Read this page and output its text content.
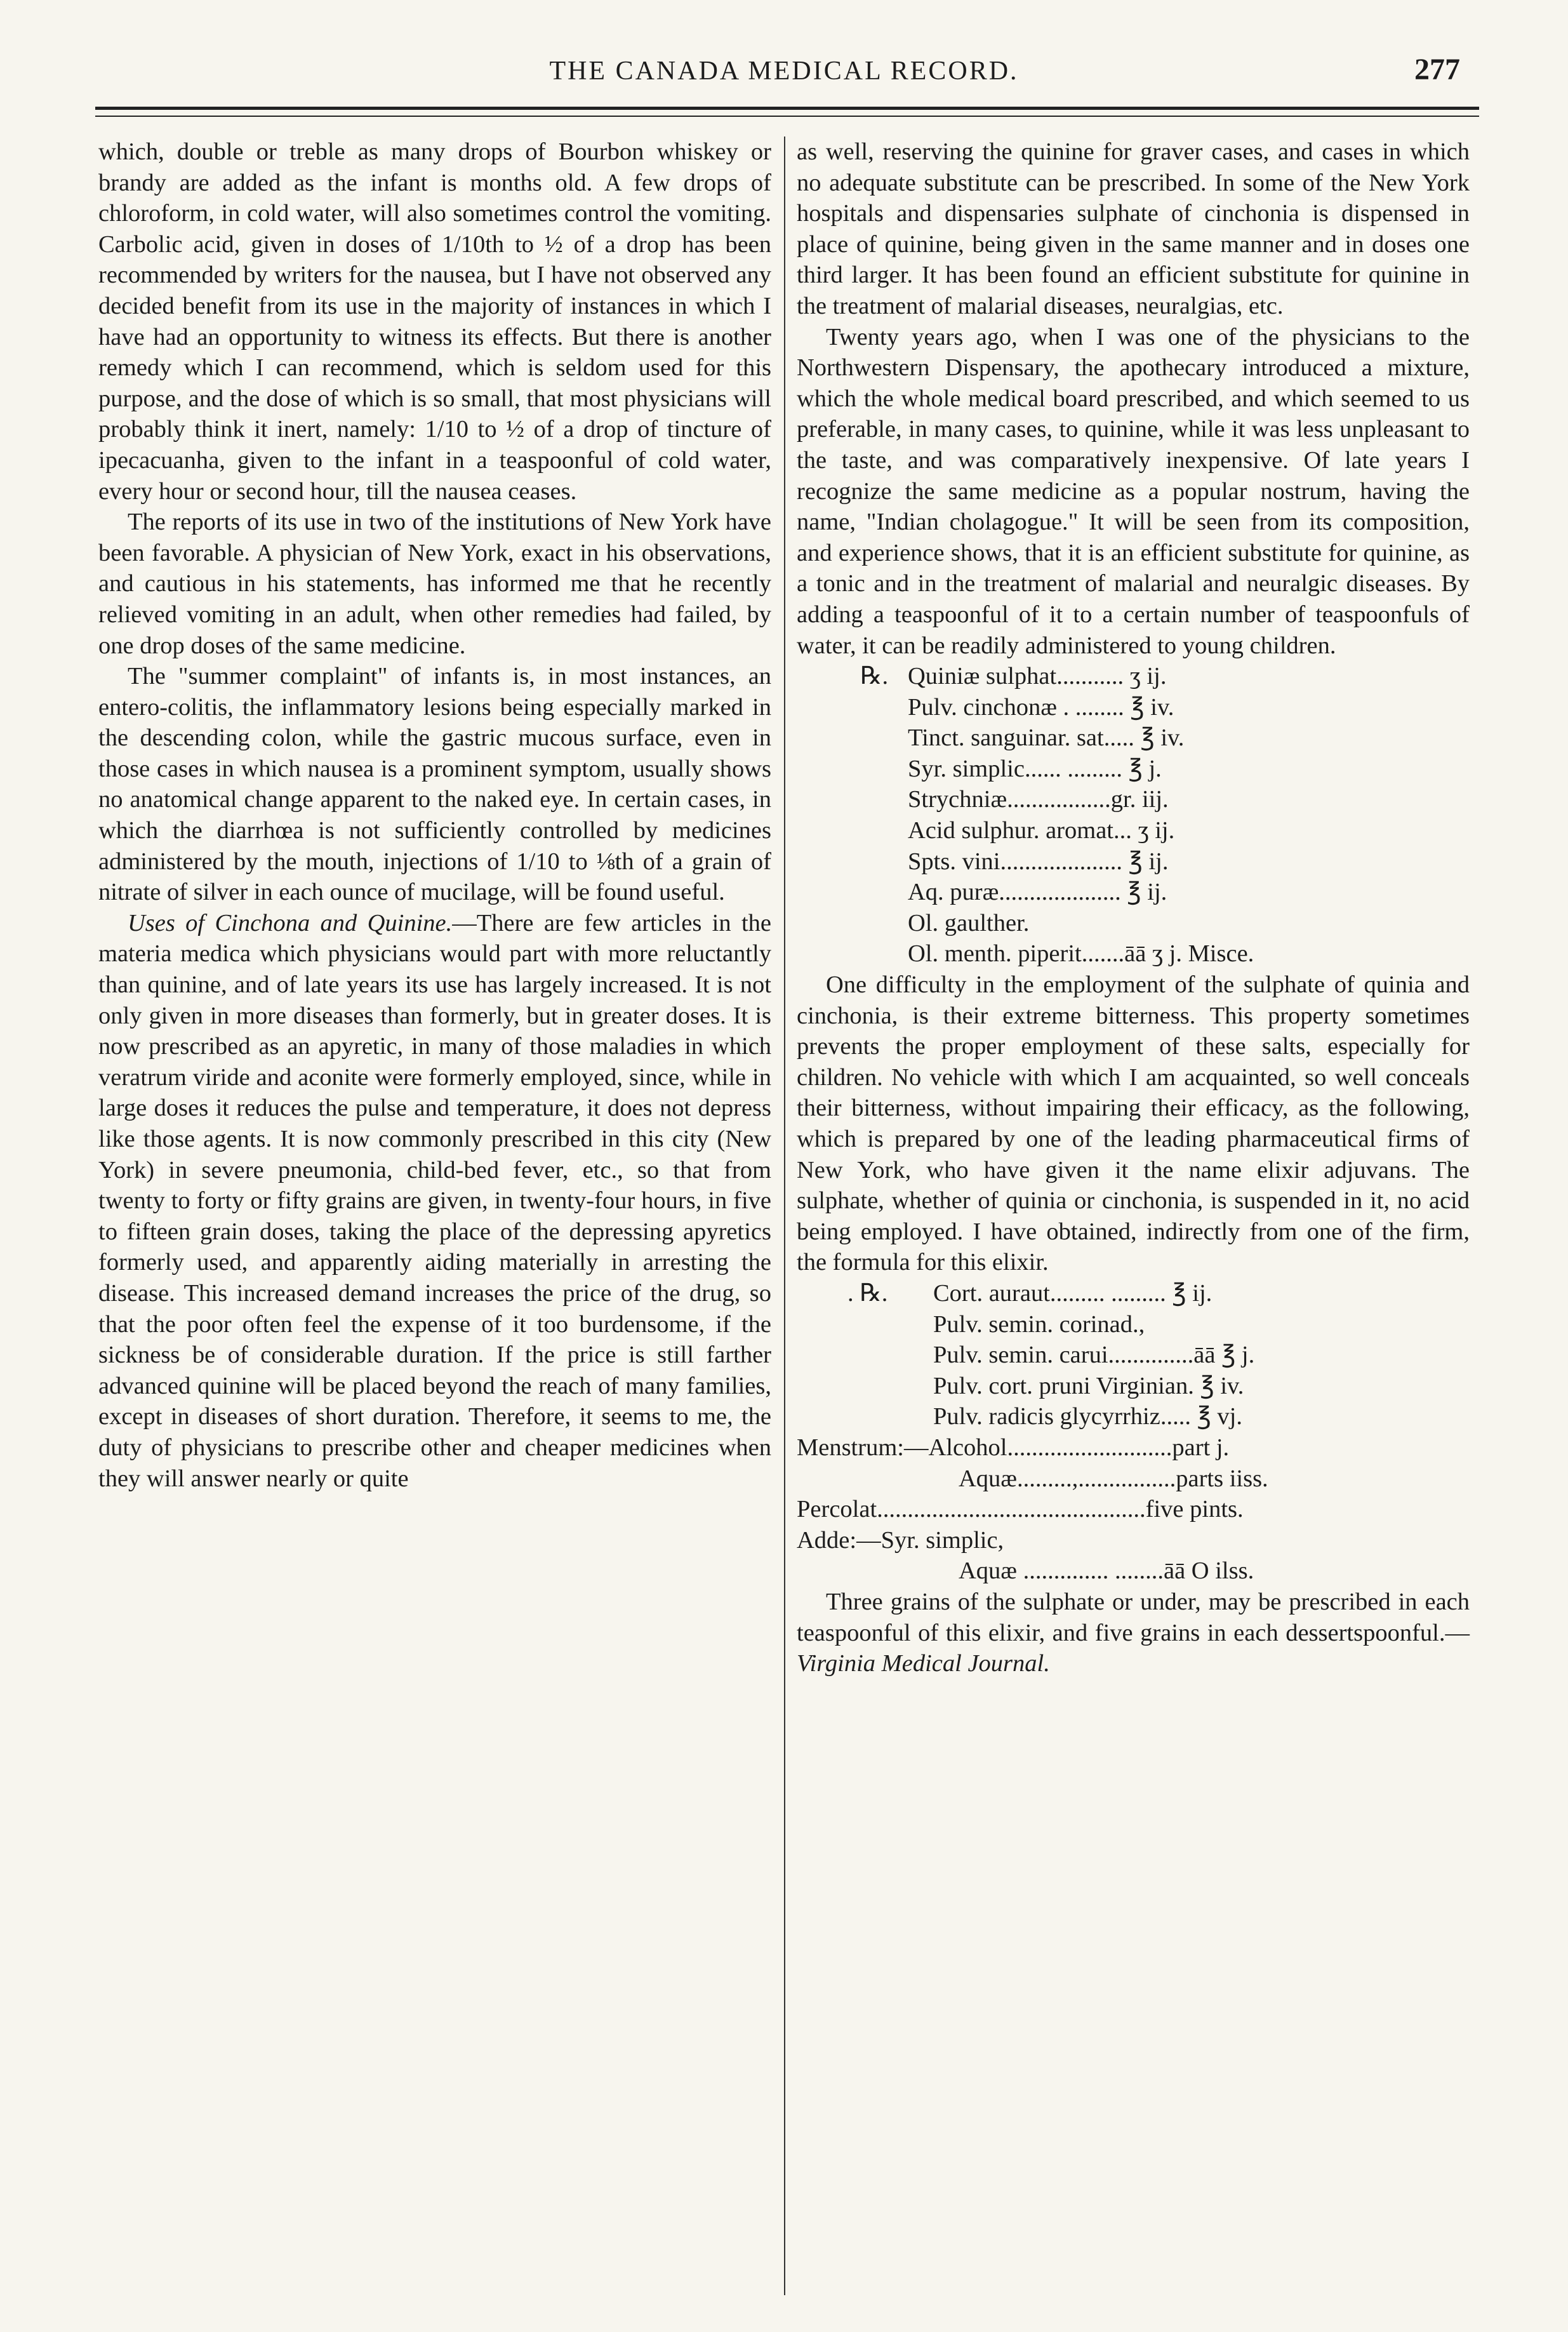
THE CANADA MEDICAL RECORD.	277

which, double or treble as many drops of Bourbon whiskey or brandy are added as the infant is months old. A few drops of chloroform, in cold water, will also sometimes control the vomiting. Carbolic acid, given in doses of 1/10th to ½ of a drop has been recommended by writers for the nausea, but I have not observed any decided benefit from its use in the majority of instances in which I have had an opportunity to witness its effects. But there is another remedy which I can recommend, which is seldom used for this purpose, and the dose of which is so small, that most physicians will probably think it inert, namely: 1/10 to ½ of a drop of tincture of ipecacuanha, given to the infant in a teaspoonful of cold water, every hour or second hour, till the nausea ceases.

The reports of its use in two of the institutions of New York have been favorable. A physician of New York, exact in his observations, and cautious in his statements, has informed me that he recently relieved vomiting in an adult, when other remedies had failed, by one drop doses of the same medicine.

The "summer complaint" of infants is, in most instances, an entero-colitis, the inflammatory lesions being especially marked in the descending colon, while the gastric mucous surface, even in those cases in which nausea is a prominent symptom, usually shows no anatomical change apparent to the naked eye. In certain cases, in which the diarrhœa is not sufficiently controlled by medicines administered by the mouth, injections of 1/10 to ⅛th of a grain of nitrate of silver in each ounce of mucilage, will be found useful.

Uses of Cinchona and Quinine.—There are few articles in the materia medica which physicians would part with more reluctantly than quinine, and of late years its use has largely increased. It is not only given in more diseases than formerly, but in greater doses. It is now prescribed as an apyretic, in many of those maladies in which veratrum viride and aconite were formerly employed, since, while in large doses it reduces the pulse and temperature, it does not depress like those agents. It is now commonly prescribed in this city (New York) in severe pneumonia, child-bed fever, etc., so that from twenty to forty or fifty grains are given, in twenty-four hours, in five to fifteen grain doses, taking the place of the depressing apyretics formerly used, and apparently aiding materially in arresting the disease. This increased demand increases the price of the drug, so that the poor often feel the expense of it too burdensome, if the sickness be of considerable duration. If the price is still farther advanced quinine will be placed beyond the reach of many families, except in diseases of short duration. Therefore, it seems to me, the duty of physicians to prescribe other and cheaper medicines when they will answer nearly or quite

as well, reserving the quinine for graver cases, and cases in which no adequate substitute can be prescribed. In some of the New York hospitals and dispensaries sulphate of cinchonia is dispensed in place of quinine, being given in the same manner and in doses one third larger. It has been found an efficient substitute for quinine in the treatment of malarial diseases, neuralgias, etc.

Twenty years ago, when I was one of the physicians to the Northwestern Dispensary, the apothecary introduced a mixture, which the whole medical board prescribed, and which seemed to us preferable, in many cases, to quinine, while it was less unpleasant to the taste, and was comparatively inexpensive. Of late years I recognize the same medicine as a popular nostrum, having the name, "Indian cholagogue." It will be seen from its composition, and experience shows, that it is an efficient substitute for quinine, as a tonic and in the treatment of malarial and neuralgic diseases. By adding a teaspoonful of it to a certain number of teaspoonfuls of water, it can be readily administered to young children.

℞. Quiniæ sulphat........... ʒ ij.
Pulv. cinchonæ . ........ ℥ iv.
Tinct. sanguinar. sat..... ℥ iv.
Syr. simplic...... ......... ℥ j.
Strychniæ.................gr. iij.
Acid sulphur. aromat... ʒ ij.
Spts. vini.................... ℥ ij.
Aq. puræ.................... ℥ ij.
Ol. gaulther.
Ol. menth. piperit.......āā ʒ j. Misce.

One difficulty in the employment of the sulphate of quinia and cinchonia, is their extreme bitterness. This property sometimes prevents the proper employment of these salts, especially for children. No vehicle with which I am acquainted, so well conceals their bitterness, without impairing their efficacy, as the following, which is prepared by one of the leading pharmaceutical firms of New York, who have given it the name elixir adjuvans. The sulphate, whether of quinia or cinchonia, is suspended in it, no acid being employed. I have obtained, indirectly from one of the firm, the formula for this elixir.

. ℞. Cort. auraut......... ......... ℥ ij.
Pulv. semin. corinad.,
Pulv. semin. carui..............āā ℥ j.
Pulv. cort. pruni Virginian. ℥ iv.
Pulv. radicis glycyrrhiz..... ℥ vj.
Menstrum:—Alcohol...........................part j.
Aquæ.........,................parts iiss.
Percolat............................................five pints.
Adde:—Syr. simplic,
Aquæ .............. ........āā O ilss.

Three grains of the sulphate or under, may be prescribed in each teaspoonful of this elixir, and five grains in each dessertspoonful.—Virginia Medical Journal.
